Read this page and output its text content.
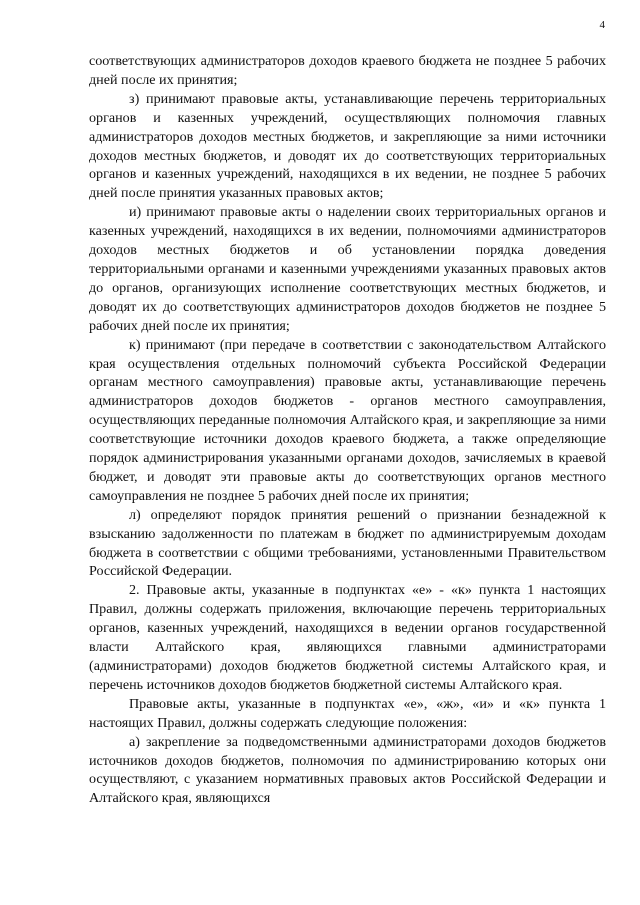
4

соответствующих администраторов доходов краевого бюджета не позднее 5 рабочих дней после их принятия;

з) принимают правовые акты, устанавливающие перечень территориальных органов и казенных учреждений, осуществляющих полномочия главных администраторов доходов местных бюджетов, и закрепляющие за ними источники доходов местных бюджетов, и доводят их до соответствующих территориальных органов и казенных учреждений, находящихся в их ведении, не позднее 5 рабочих дней после принятия указанных правовых актов;

и) принимают правовые акты о наделении своих территориальных органов и казенных учреждений, находящихся в их ведении, полномочиями администраторов доходов местных бюджетов и об установлении порядка доведения территориальными органами и казенными учреждениями указанных правовых актов до органов, организующих исполнение соответствующих местных бюджетов, и доводят их до соответствующих администраторов доходов бюджетов не позднее 5 рабочих дней после их принятия;

к) принимают (при передаче в соответствии с законодательством Алтайского края осуществления отдельных полномочий субъекта Российской Федерации органам местного самоуправления) правовые акты, устанавливающие перечень администраторов доходов бюджетов - органов местного самоуправления, осуществляющих переданные полномочия Алтайского края, и закрепляющие за ними соответствующие источники доходов краевого бюджета, а также определяющие порядок администрирования указанными органами доходов, зачисляемых в краевой бюджет, и доводят эти правовые акты до соответствующих органов местного самоуправления не позднее 5 рабочих дней после их принятия;

л) определяют порядок принятия решений о признании безнадежной к взысканию задолженности по платежам в бюджет по администрируемым доходам бюджета в соответствии с общими требованиями, установленными Правительством Российской Федерации.

2. Правовые акты, указанные в подпунктах «е» - «к» пункта 1 настоящих Правил, должны содержать приложения, включающие перечень территориальных органов, казенных учреждений, находящихся в ведении органов государственной власти Алтайского края, являющихся главными администраторами (администраторами) доходов бюджетов бюджетной системы Алтайского края, и перечень источников доходов бюджетов бюджетной системы Алтайского края.

Правовые акты, указанные в подпунктах «е», «ж», «и» и «к» пункта 1 настоящих Правил, должны содержать следующие положения:

а) закрепление за подведомственными администраторами доходов бюджетов источников доходов бюджетов, полномочия по администрированию которых они осуществляют, с указанием нормативных правовых актов Российской Федерации и Алтайского края, являющихся
